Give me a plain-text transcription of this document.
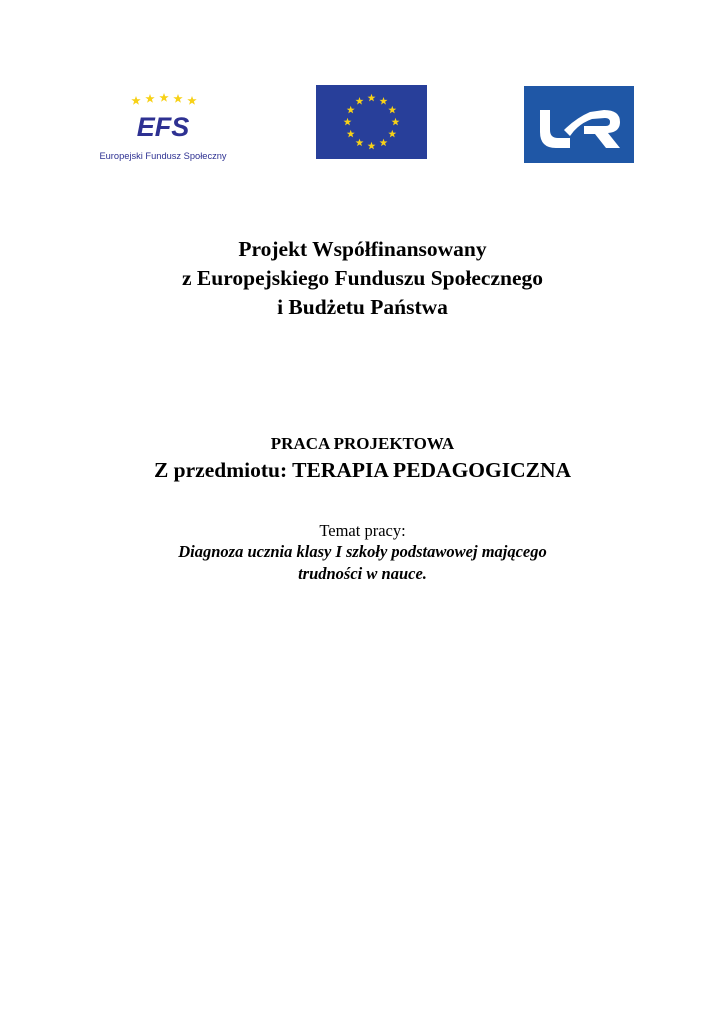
EFS
Europejski Fundusz Społeczny
Projekt Współfinansowany
z Europejskiego Funduszu Społecznego
i Budżetu Państwa
PRACA PROJEKTOWA
Z przedmiotu: TERAPIA PEDAGOGICZNA
Temat pracy:
Diagnoza ucznia klasy I szkoły podstawowej mającego
trudności w nauce.
